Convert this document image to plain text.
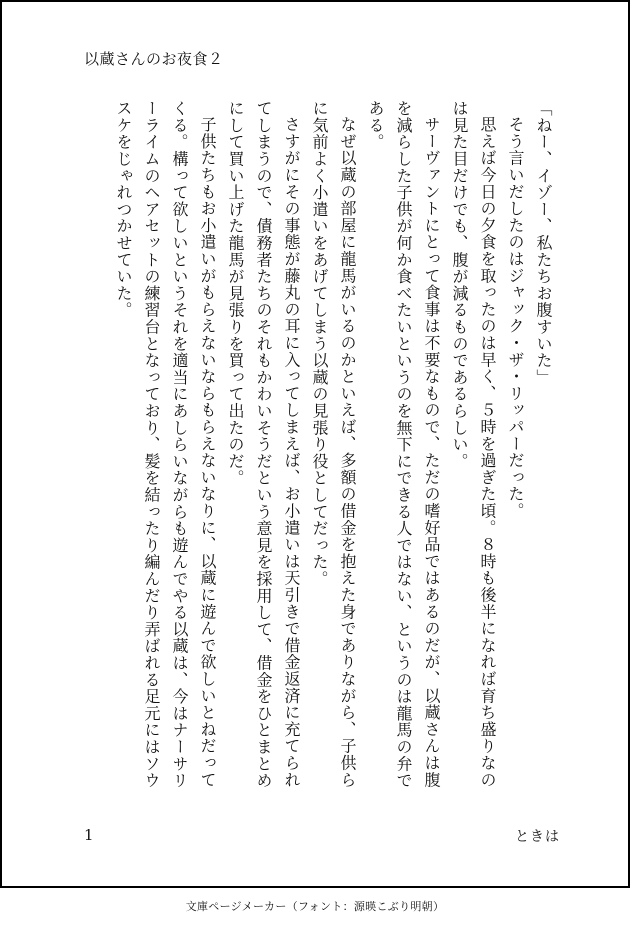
以蔵さんのお夜食２

「ねー、イゾー、私たちお腹すいた」

そう言いだしたのはジャック・ザ・リッパーだった。

思えば今日の夕食を取ったのは早く、５時を過ぎた頃。８時も後半になれば育ち盛りなのは見た目だけでも、腹が減るものであるらしい。

サーヴァントにとって食事は不要なもので、ただの嗜好品ではあるのだが、以蔵さんは腹を減らした子供が何か食べたいというのを無下にできる人ではない、というのは龍馬の弁である。

なぜ以蔵の部屋に龍馬がいるのかといえば、多額の借金を抱えた身でありながら、子供らに気前よく小遣いをあげてしまう以蔵の見張り役としてだった。

さすがにその事態が藤丸の耳に入ってしまえば、お小遣いは天引きで借金返済に充てられてしまうので、債務者たちのそれもかわいそうだという意見を採用して、借金をひとまとめにして買い上げた龍馬が見張りを買って出たのだ。

子供たちもお小遣いがもらえないならもらえないなりに、以蔵に遊んで欲しいとねだってくる。構って欲しいというそれを適当にあしらいながらも遊んでやる以蔵は、今はナーサリーライムのヘアセットの練習台となっており、髪を結ったり編んだり弄ばれる足元にはソウスケをじゃれつかせていた。

1	ときは
文庫ページメーカー（フォント：源暎こぶり明朝）
